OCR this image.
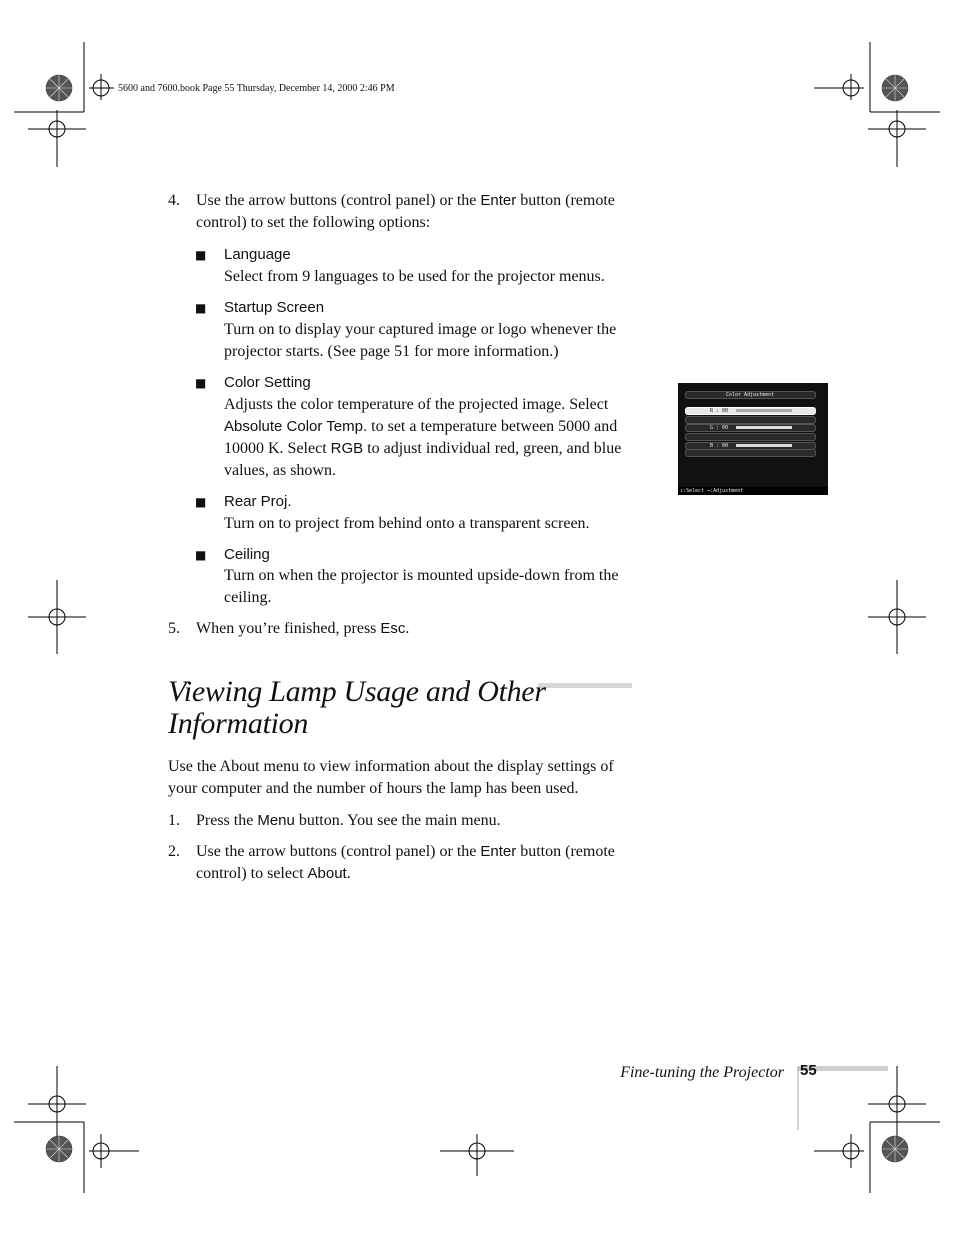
5600 and 7600.book Page 55 Thursday, December 14, 2000 2:46 PM
4. Use the arrow buttons (control panel) or the Enter button (remote control) to set the following options:
■ Language
Select from 9 languages to be used for the projector menus.
■ Startup Screen
Turn on to display your captured image or logo whenever the projector starts. (See page 51 for more information.)
■ Color Setting
Adjusts the color temperature of the projected image. Select Absolute Color Temp. to set a temperature between 5000 and 10000 K. Select RGB to adjust individual red, green, and blue values, as shown.
■ Rear Proj.
Turn on to project from behind onto a transparent screen.
■ Ceiling
Turn on when the projector is mounted upside-down from the ceiling.
5. When you’re finished, press Esc.
Viewing Lamp Usage and Other
Information
Use the About menu to view information about the display settings of your computer and the number of hours the lamp has been used.
1. Press the Menu button. You see the main menu.
2. Use the arrow buttons (control panel) or the Enter button (remote control) to select About.
Color Adjustment
R : 00
G : 00
B : 00
↕:Select ↔:Adjustment
Fine-tuning the Projector 55
